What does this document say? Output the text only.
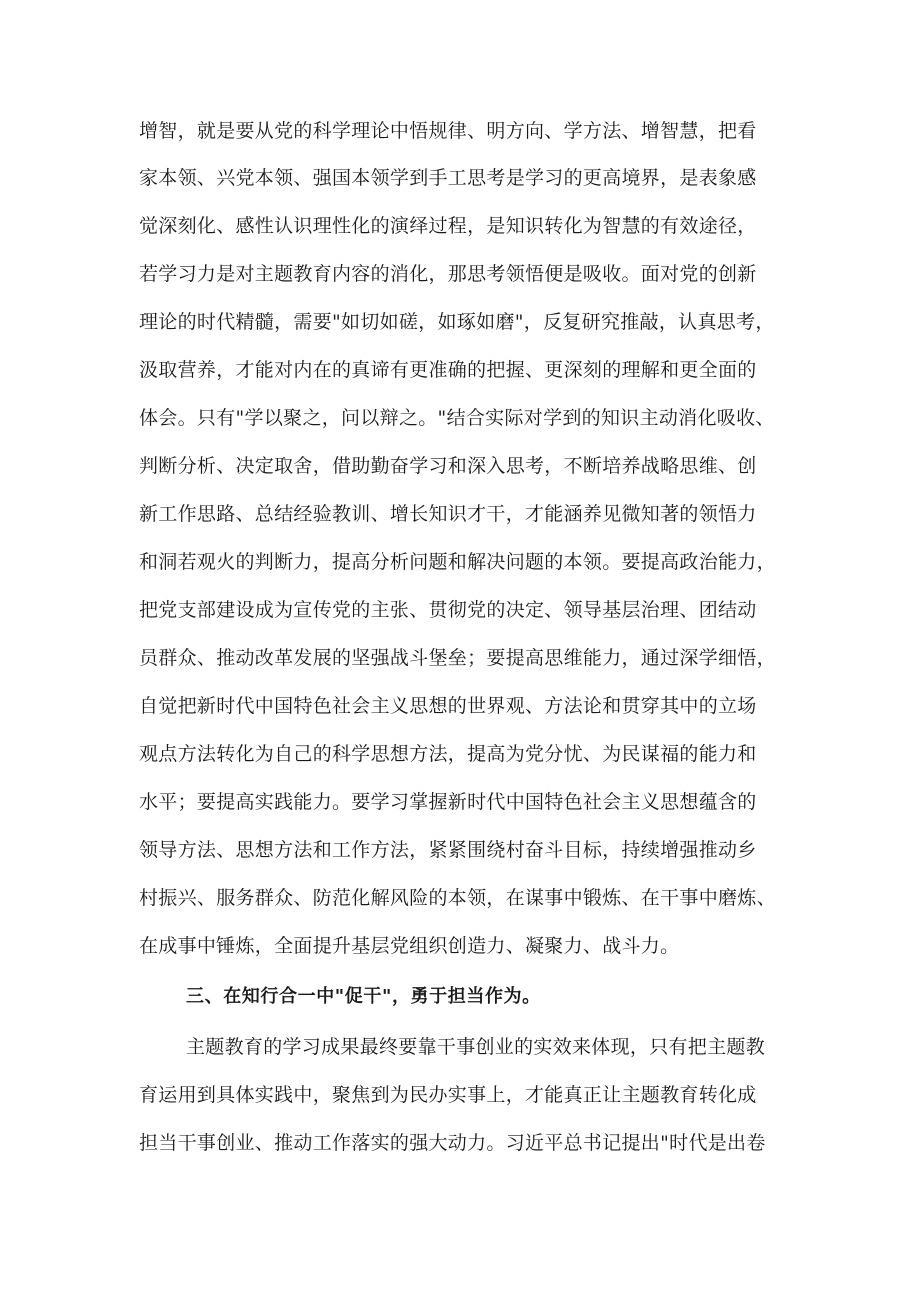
增智，就是要从党的科学理论中悟规律、明方向、学方法、增智慧，把看
家本领、兴党本领、强国本领学到手工思考是学习的更高境界，是表象感
觉深刻化、感性认识理性化的演绎过程，是知识转化为智慧的有效途径，
若学习力是对主题教育内容的消化，那思考领悟便是吸收。面对党的创新
理论的时代精髓，需要"如切如磋，如琢如磨"，反复研究推敲，认真思考，
汲取营养，才能对内在的真谛有更准确的把握、更深刻的理解和更全面的
体会。只有"学以聚之，问以辩之。"结合实际对学到的知识主动消化吸收、
判断分析、决定取舍，借助勤奋学习和深入思考，不断培养战略思维、创
新工作思路、总结经验教训、增长知识才干，才能涵养见微知著的领悟力
和洞若观火的判断力，提高分析问题和解决问题的本领。要提高政治能力，
把党支部建设成为宣传党的主张、贯彻党的决定、领导基层治理、团结动
员群众、推动改革发展的坚强战斗堡垒；要提高思维能力，通过深学细悟，
自觉把新时代中国特色社会主义思想的世界观、方法论和贯穿其中的立场
观点方法转化为自己的科学思想方法，提高为党分忧、为民谋福的能力和
水平；要提高实践能力。要学习掌握新时代中国特色社会主义思想蕴含的
领导方法、思想方法和工作方法，紧紧围绕村奋斗目标，持续增强推动乡
村振兴、服务群众、防范化解风险的本领，在谋事中锻炼、在干事中磨炼、
在成事中锤炼，全面提升基层党组织创造力、凝聚力、战斗力。
三、在知行合一中"促干"，勇于担当作为。
主题教育的学习成果最终要靠干事创业的实效来体现，只有把主题教
育运用到具体实践中，聚焦到为民办实事上，才能真正让主题教育转化成
担当干事创业、推动工作落实的强大动力。习近平总书记提出"时代是出卷
